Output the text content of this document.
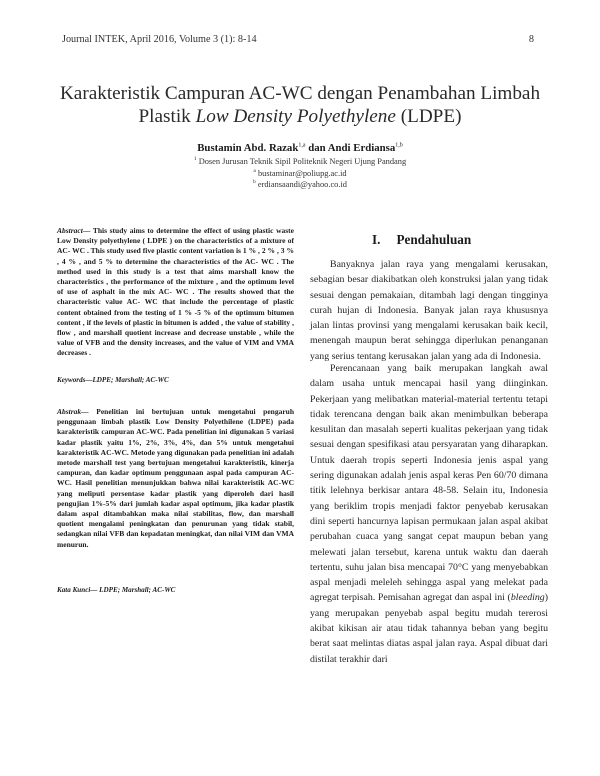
Journal INTEK, April 2016, Volume 3 (1): 8-14	8
Karakteristik Campuran AC-WC dengan Penambahan Limbah
Plastik Low Density Polyethylene (LDPE)
Bustamin Abd. Razak$^{1,a}$ dan Andi Erdiansa$^{1,b}$
$^1$ Dosen Jurusan Teknik Sipil Politeknik Negeri Ujung Pandang
$^a$ bustaminar@poliupg.ac.id
$^b$ erdiansaandi@yahoo.co.id
Abstract— This study aims to determine the effect of using plastic waste Low Density polyethylene ( LDPE ) on the characteristics of a mixture of AC- WC . This study used five plastic content variation is 1 % , 2 % , 3 % , 4 % , and 5 % to determine the characteristics of the AC- WC . The method used in this study is a test that aims marshall know the characteristics , the performance of the mixture , and the optimum level of use of asphalt in the mix AC- WC . The results showed that the characteristic value AC- WC that include the percentage of plastic content obtained from the testing of 1 % -5 % of the optimum bitumen content , if the levels of plastic in bitumen is added , the value of stability , flow , and marshall quotient increase and decrease unstable , while the value of VFB and the density increases, and the value of VIM and VMA decreases .
Keywords—LDPE; Marshall; AC-WC
Abstrak— Penelitian ini bertujuan untuk mengetahui pengaruh penggunaan limbah plastik Low Density Polyethilene (LDPE) pada karakteristik campuran AC-WC. Pada penelitian ini digunakan 5 variasi kadar plastik yaitu 1%, 2%, 3%, 4%, dan 5% untuk mengetahui karakteristik AC-WC. Metode yang digunakan pada penelitian ini adalah metode marshall test yang bertujuan mengetahui karakteristik, kinerja campuran, dan kadar optimum penggunaan aspal pada campuran AC-WC. Hasil penelitian menunjukkan bahwa nilai karakteristik AC-WC yang meliputi persentase kadar plastik yang diperoleh dari hasil pengujian 1%-5% dari jumlah kadar aspal optimum, jika kadar plastik dalam aspal ditambahkan maka nilai stabilitas, flow, dan marshall quotient mengalami peningkatan dan penurunan yang tidak stabil, sedangkan nilai VFB dan kepadatan meningkat, dan nilai VIM dan VMA menurun.
Kata Kunci— LDPE; Marshall; AC-WC
I. Pendahuluan

Banyaknya jalan raya yang mengalami kerusakan, sebagian besar diakibatkan oleh konstruksi jalan yang tidak sesuai dengan pemakaian, ditambah lagi dengan tingginya curah hujan di Indonesia. Banyak jalan raya khususnya jalan lintas provinsi yang mengalami kerusakan baik kecil, menengah maupun berat sehingga diperlukan penanganan yang serius tentang kerusakan jalan yang ada di Indonesia.

Perencanaan yang baik merupakan langkah awal dalam usaha untuk mencapai hasil yang diinginkan. Pekerjaan yang melibatkan material-material tertentu tetapi tidak terencana dengan baik akan menimbulkan beberapa kesulitan dan masalah seperti kualitas pekerjaan yang tidak sesuai dengan spesifikasi atau persyaratan yang diharapkan. Untuk daerah tropis seperti Indonesia jenis aspal yang sering digunakan adalah jenis aspal keras Pen 60/70 dimana titik lelehnya berkisar antara 48-58. Selain itu, Indonesia yang beriklim tropis menjadi faktor penyebab kerusakan dini seperti hancurnya lapisan permukaan jalan aspal akibat perubahan cuaca yang sangat cepat maupun beban yang melewati jalan tersebut, karena untuk waktu dan daerah tertentu, suhu jalan bisa mencapai 70°C yang menyebabkan aspal menjadi meleleh sehingga aspal yang melekat pada agregat terpisah. Pemisahan agregat dan aspal ini (bleeding) yang merupakan penyebab aspal begitu mudah tererosi akibat kikisan air atau tidak tahannya beban yang begitu berat saat melintas diatas aspal jalan raya. Aspal dibuat dari distilat terakhir dari
